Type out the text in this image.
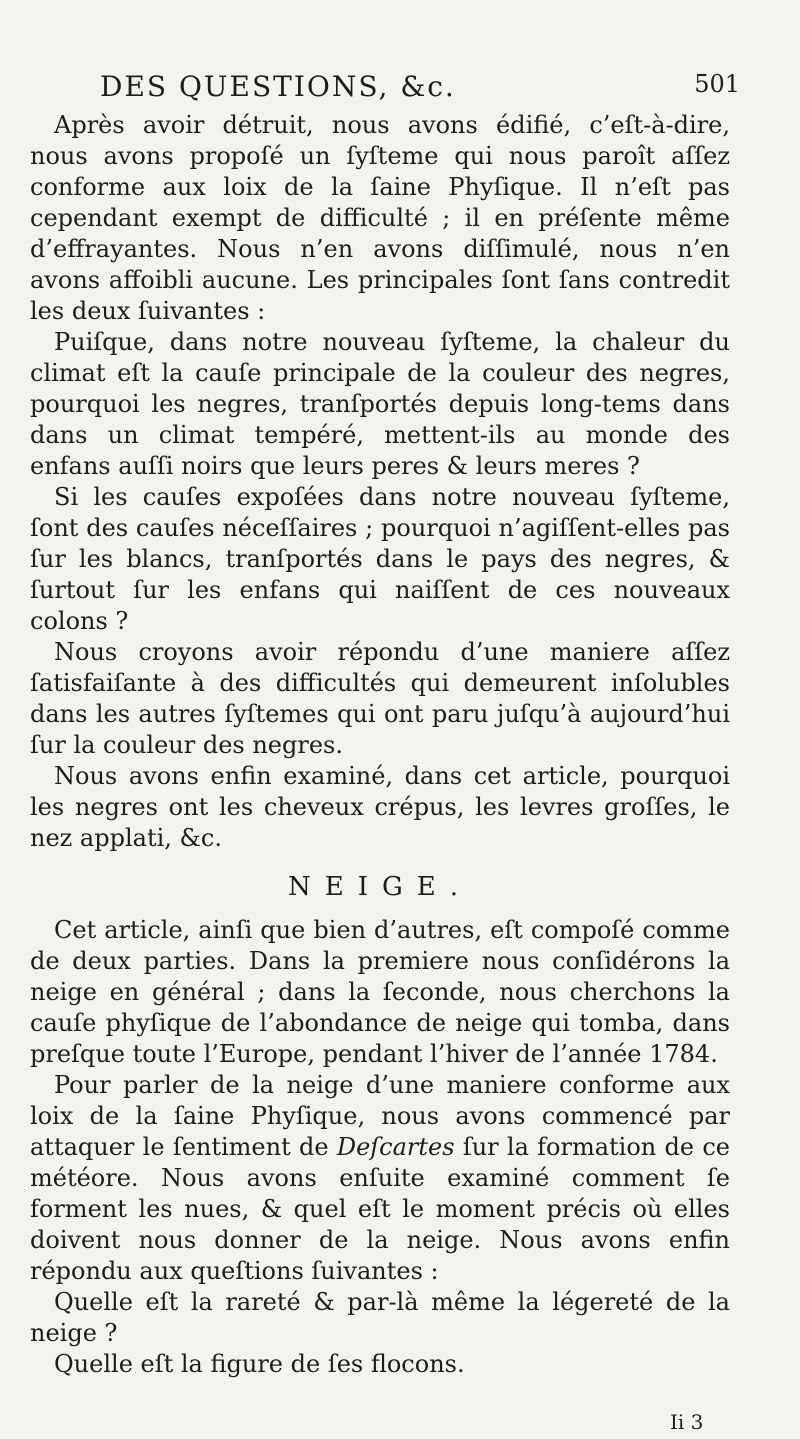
DES QUESTIONS, &c.	501

Après avoir détruit, nous avons édifié, c’eſt-à-dire, nous avons propoſé un ſyſteme qui nous paroît aſſez conforme aux loix de la ſaine Phyſique. Il n’eſt pas cependant exempt de difficulté ; il en préſente même d’effrayantes. Nous n’en avons diſſimulé, nous n’en avons affoibli aucune. Les principales ſont ſans contredit les deux ſuivantes :

Puiſque, dans notre nouveau ſyſteme, la chaleur du climat eſt la cauſe principale de la couleur des negres, pourquoi les negres, tranſportés depuis long-tems dans dans un climat tempéré, mettent-ils au monde des enfans auſſi noirs que leurs peres & leurs meres ?

Si les cauſes expoſées dans notre nouveau ſyſteme, ſont des cauſes néceſſaires ; pourquoi n’agiſſent-elles pas ſur les blancs, tranſportés dans le pays des negres, & ſurtout ſur les enfans qui naiſſent de ces nouveaux colons ?

Nous croyons avoir répondu d’une maniere aſſez ſatisfaiſante à des difficultés qui demeurent inſolubles dans les autres ſyſtemes qui ont paru juſqu’à aujourd’hui ſur la couleur des negres.

Nous avons enfin examiné, dans cet article, pourquoi les negres ont les cheveux crépus, les levres groſſes, le nez applati, &c.

NEIGE.

Cet article, ainſi que bien d’autres, eſt compoſé comme de deux parties. Dans la premiere nous conſidérons la neige en général ; dans la ſeconde, nous cherchons la cauſe phyſique de l’abondance de neige qui tomba, dans preſque toute l’Europe, pendant l’hiver de l’année 1784.

Pour parler de la neige d’une maniere conforme aux loix de la ſaine Phyſique, nous avons commencé par attaquer le ſentiment de Deſcartes ſur la formation de ce météore. Nous avons enſuite examiné comment ſe forment les nues, & quel eſt le moment précis où elles doivent nous donner de la neige. Nous avons enfin répondu aux queſtions ſuivantes :

Quelle eſt la rareté & par-là même la légereté de la neige ?

Quelle eſt la figure de ſes flocons.

Ii 3
